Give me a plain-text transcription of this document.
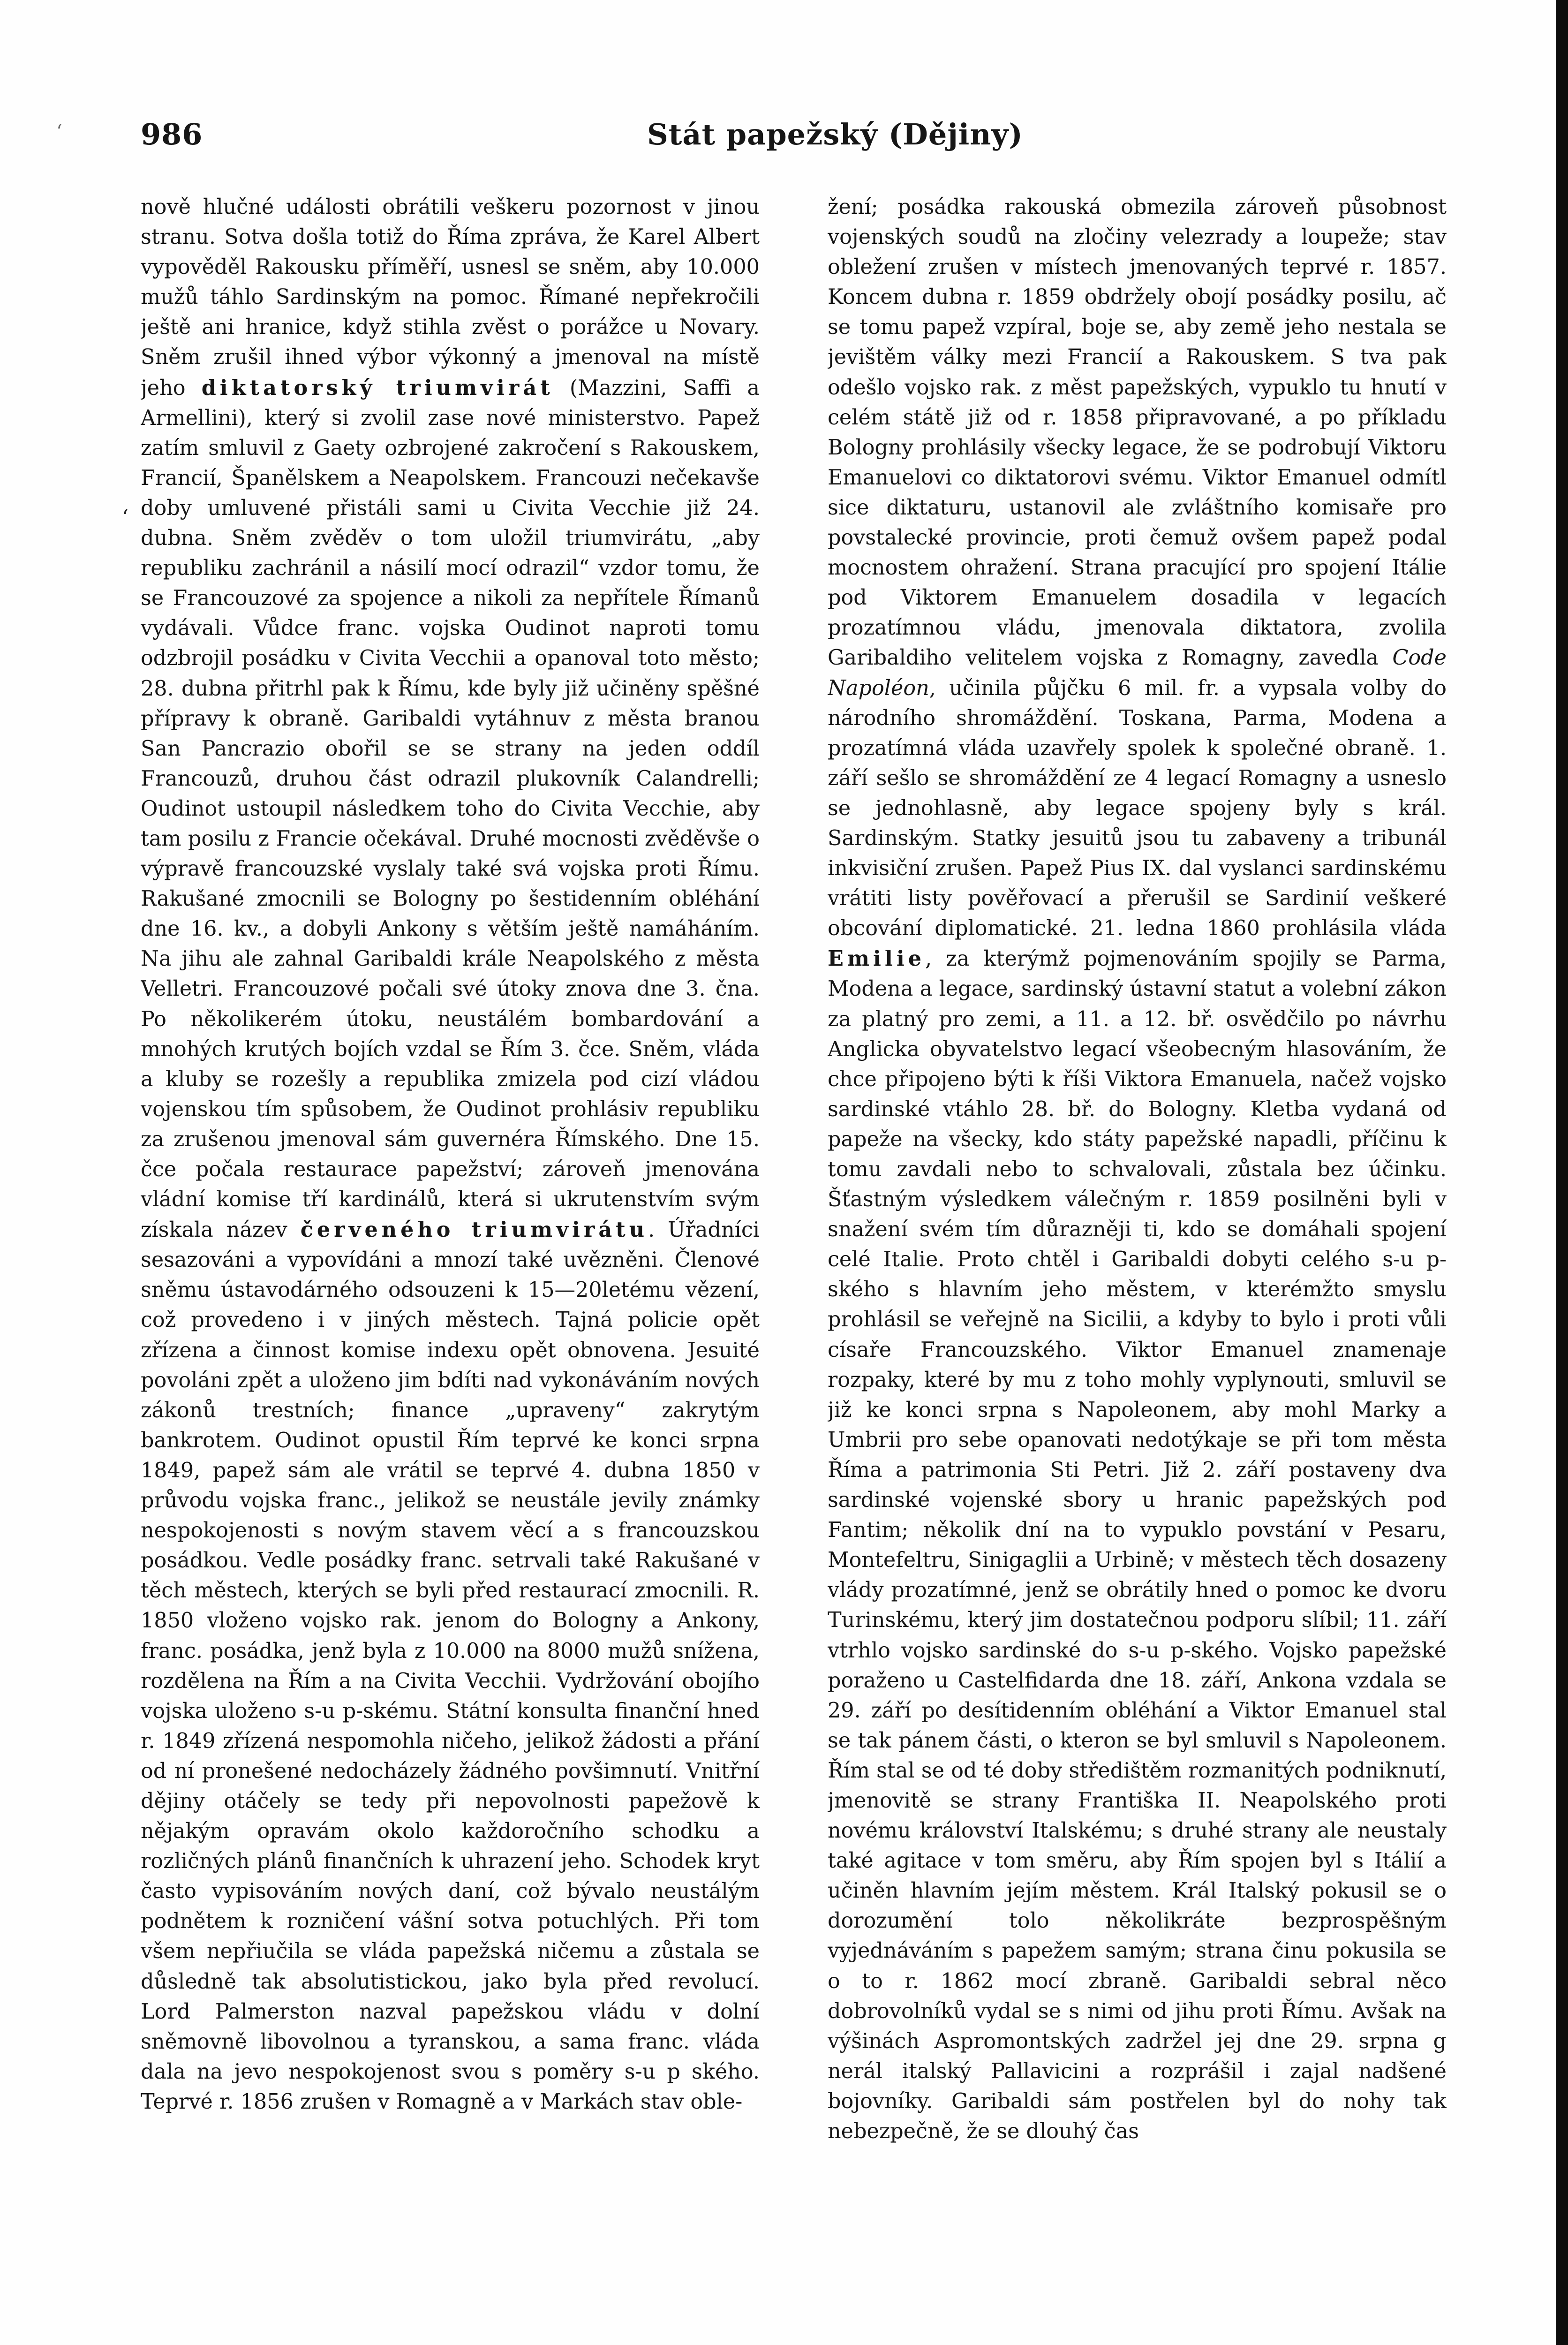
ʻ
ʻ
986	Stát papežský (Dějiny)

nově hlučné události obrátili veškeru pozornost v jinou stranu. Sotva došla totiž do Říma zpráva, že Karel Albert vypověděl Rakousku příměří, usnesl se sněm, aby 10.000 mužů táhlo Sardinským na pomoc. Římané nepřekročili ještě ani hranice, když stihla zvěst o porážce u Novary. Sněm zrušil ihned výbor výkonný a jmenoval na místě jeho diktatorský triumvirát (Mazzini, Saffi a Armellini), který si zvolil zase nové ministerstvo. Papež zatím smluvil z Gaety ozbrojené zakročení s Rakouskem, Francií, Španělskem a Neapolskem. Francouzi nečekavše doby umluvené přistáli sami u Civita Vecchie již 24. dubna. Sněm zvěděv o tom uložil triumvirátu, „aby republiku zachránil a násilí mocí odrazil“ vzdor tomu, že se Francouzové za spojence a nikoli za nepřítele Římanů vydávali. Vůdce franc. vojska Oudinot naproti tomu odzbrojil posádku v Civita Vecchii a opanoval toto město; 28. dubna přitrhl pak k Římu, kde byly již učiněny spěšné přípravy k obraně. Garibaldi vytáhnuv z města branou San Pancrazio obořil se se strany na jeden oddíl Francouzů, druhou část odrazil plukovník Calandrelli; Oudinot ustoupil následkem toho do Civita Vecchie, aby tam posilu z Francie očekával. Druhé mocnosti zvěděvše o výpravě francouzské vyslaly také svá vojska proti Římu. Rakušané zmocnili se Bologny po šestidenním obléhání dne 16. kv., a dobyli Ankony s větším ještě namáháním. Na jihu ale zahnal Garibaldi krále Neapolského z města Velletri. Francouzové počali své útoky znova dne 3. čna. Po několikerém útoku, neustálém bombardování a mnohých krutých bojích vzdal se Řím 3. čce. Sněm, vláda a kluby se rozešly a republika zmizela pod cizí vládou vojenskou tím spůsobem, že Oudinot prohlásiv republiku za zrušenou jmenoval sám guvernéra Římského. Dne 15. čce počala restaurace papežství; zároveň jmenována vládní komise tří kardinálů, která si ukrutenstvím svým získala název červeného triumvirátu. Úřadníci sesazováni a vypovídáni a mnozí také uvězněni. Členové sněmu ústavodárného odsouzeni k 15—20letému vězení, což provedeno i v jiných městech. Tajná policie opět zřízena a činnost komise indexu opět obnovena. Jesuité povoláni zpět a uloženo jim bdíti nad vykonáváním nových zákonů trestních; finance „upraveny“ zakrytým bankrotem. Oudinot opustil Řím teprvé ke konci srpna 1849, papež sám ale vrátil se teprvé 4. dubna 1850 v průvodu vojska franc., jelikož se neustále jevily známky nespokojenosti s novým stavem věcí a s francouzskou posádkou. Vedle posádky franc. setrvali také Rakušané v těch městech, kterých se byli před restaurací zmocnili. R. 1850 vloženo vojsko rak. jenom do Bologny a Ankony, franc. posádka, jenž byla z 10.000 na 8000 mužů snížena, rozdělena na Řím a na Civita Vecchii. Vydržování obojího vojska uloženo s-u p-skému. Státní konsulta finanční hned r. 1849 zřízená nespomohla ničeho, jelikož žádosti a přání od ní pronešené nedocházely žádného povšimnutí. Vnitřní dějiny otáčely se tedy při nepovolnosti papežově k nějakým opravám okolo každoročního schodku a rozličných plánů finančních k uhrazení jeho. Schodek kryt často vypisováním nových daní, což bývalo neustálým podnětem k rozničení vášní sotva potuchlých. Při tom všem nepřiučila se vláda papežská ničemu a zůstala se důsledně tak absolutistickou, jako byla před revolucí. Lord Palmerston nazval papežskou vládu v dolní sněmovně libovolnou a tyranskou, a sama franc. vláda dala na jevo nespokojenost svou s poměry s-u p ského. Teprvé r. 1856 zrušen v Romagně a v Markách stav oble-

žení; posádka rakouská obmezila zároveň působnost vojenských soudů na zločiny velezrady a loupeže; stav obležení zrušen v místech jmenovaných teprvé r. 1857. Koncem dubna r. 1859 obdržely obojí posádky posilu, ač se tomu papež vzpíral, boje se, aby země jeho nestala se jevištěm války mezi Francií a Rakouskem. S tva pak odešlo vojsko rak. z měst papežských, vypuklo tu hnutí v celém státě již od r. 1858 připravované, a po příkladu Bologny prohlásily všecky legace, že se podrobují Viktoru Emanuelovi co diktatorovi svému. Viktor Emanuel odmítl sice diktaturu, ustanovil ale zvláštního komisaře pro povstalecké provincie, proti čemuž ovšem papež podal mocnostem ohražení. Strana pracující pro spojení Itálie pod Viktorem Emanuelem dosadila v legacích prozatímnou vládu, jmenovala diktatora, zvolila Garibaldiho velitelem vojska z Romagny, zavedla Code Napoléon, učinila půjčku 6 mil. fr. a vypsala volby do národního shromáždění. Toskana, Parma, Modena a prozatímná vláda uzavřely spolek k společné obraně. 1. září sešlo se shromáždění ze 4 legací Romagny a usneslo se jednohlasně, aby legace spojeny byly s král. Sardinským. Statky jesuitů jsou tu zabaveny a tribunál inkvisiční zrušen. Papež Pius IX. dal vyslanci sardinskému vrátiti listy pověřovací a přerušil se Sardinií veškeré obcování diplomatické. 21. ledna 1860 prohlásila vláda Emilie, za kterýmž pojmenováním spojily se Parma, Modena a legace, sardinský ústavní statut a volební zákon za platný pro zemi, a 11. a 12. bř. osvědčilo po návrhu Anglicka obyvatelstvo legací všeobecným hlasováním, že chce připojeno býti k říši Viktora Emanuela, načež vojsko sardinské vtáhlo 28. bř. do Bologny. Kletba vydaná od papeže na všecky, kdo státy papežské napadli, příčinu k tomu zavdali nebo to schvalovali, zůstala bez účinku. Šťastným výsledkem válečným r. 1859 posilněni byli v snažení svém tím důrazněji ti, kdo se domáhali spojení celé Italie. Proto chtěl i Garibaldi dobyti celého s-u p-ského s hlavním jeho městem, v kterémžto smyslu prohlásil se veřejně na Sicilii, a kdyby to bylo i proti vůli císaře Francouzského. Viktor Emanuel znamenaje rozpaky, které by mu z toho mohly vyplynouti, smluvil se již ke konci srpna s Napoleonem, aby mohl Marky a Umbrii pro sebe opanovati nedotýkaje se při tom města Říma a patrimonia Sti Petri. Již 2. září postaveny dva sardinské vojenské sbory u hranic papežských pod Fantim; několik dní na to vypuklo povstání v Pesaru, Montefeltru, Sinigaglii a Urbině; v městech těch dosazeny vlády prozatímné, jenž se obrátily hned o pomoc ke dvoru Turinskému, který jim dostatečnou podporu slíbil; 11. září vtrhlo vojsko sardinské do s-u p-ského. Vojsko papežské poraženo u Castelfidarda dne 18. září, Ankona vzdala se 29. září po desítidenním obléhání a Viktor Emanuel stal se tak pánem části, o kteron se byl smluvil s Napoleonem. Řím stal se od té doby středištěm rozmanitých podniknutí, jmenovitě se strany Františka II. Neapolského proti novému království Italskému; s druhé strany ale neustaly také agitace v tom směru, aby Řím spojen byl s Itálií a učiněn hlavním jejím městem. Král Italský pokusil se o dorozumění tolo několikráte bezprospěšným vyjednáváním s papežem samým; strana činu pokusila se o to r. 1862 mocí zbraně. Garibaldi sebral něco dobrovolníků vydal se s nimi od jihu proti Římu. Avšak na výšinách Aspromontských zadržel jej dne 29. srpna g nerál italský Pallavicini a rozprášil i zajal nadšené bojovníky. Garibaldi sám postřelen byl do nohy tak nebezpečně, že se dlouhý čas
